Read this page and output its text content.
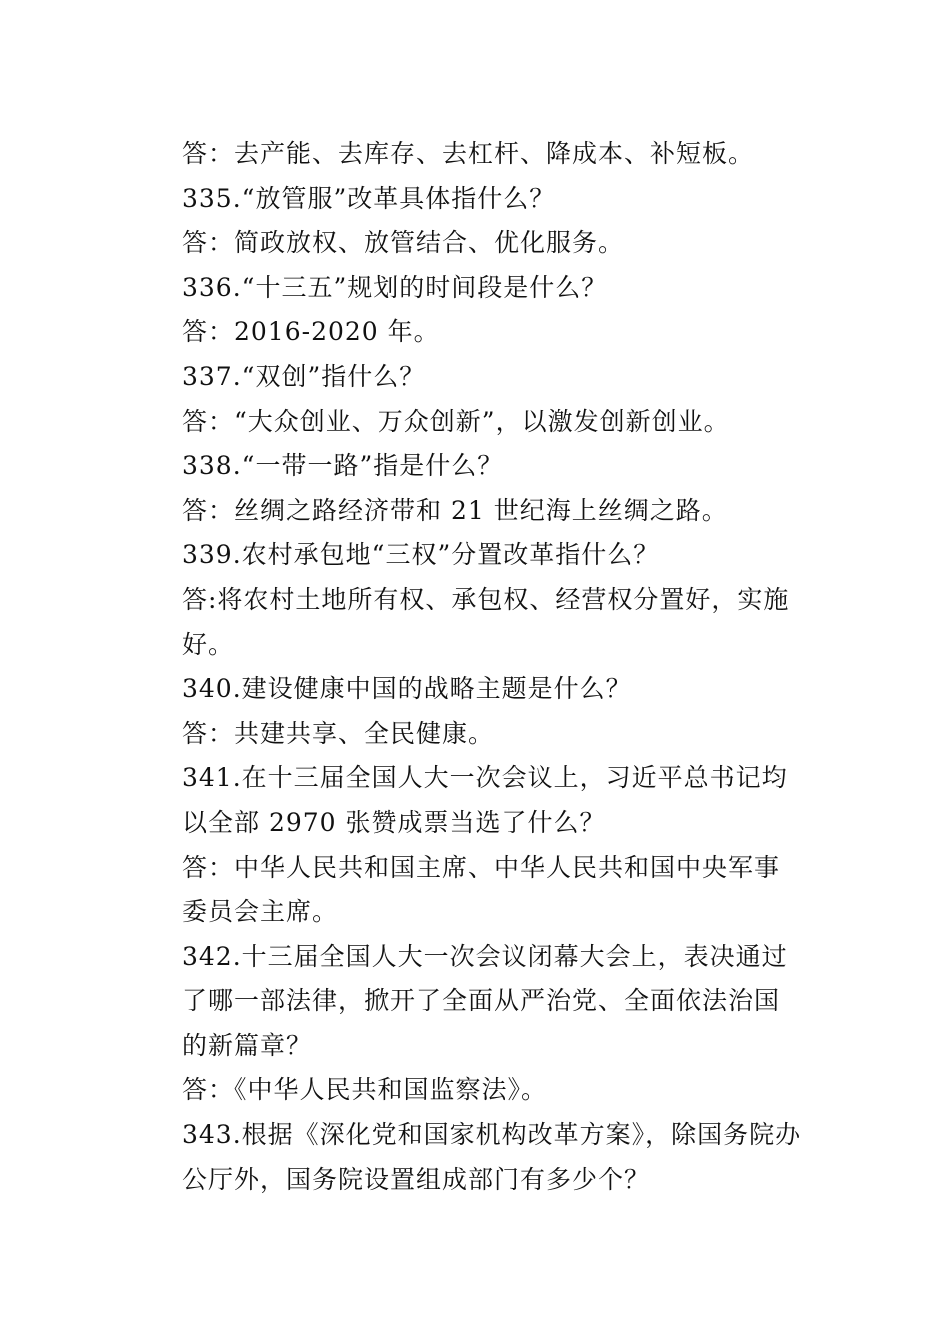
答：去产能、去库存、去杠杆、降成本、补短板。
335.“放管服”改革具体指什么？
答：简政放权、放管结合、优化服务。
336.“十三五”规划的时间段是什么？
答：2016-2020 年。
337.“双创”指什么？
答：“大众创业、万众创新”，以激发创新创业。
338.“一带一路”指是什么？
答：丝绸之路经济带和 21 世纪海上丝绸之路。
339.农村承包地“三权”分置改革指什么？
答:将农村土地所有权、承包权、经营权分置好，实施
好。
340.建设健康中国的战略主题是什么？
答：共建共享、全民健康。
341.在十三届全国人大一次会议上，习近平总书记均
以全部 2970 张赞成票当选了什么？
答：中华人民共和国主席、中华人民共和国中央军事
委员会主席。
342.十三届全国人大一次会议闭幕大会上，表决通过
了哪一部法律，掀开了全面从严治党、全面依法治国
的新篇章？
答：《中华人民共和国监察法》。
343.根据《深化党和国家机构改革方案》，除国务院办
公厅外，国务院设置组成部门有多少个？
